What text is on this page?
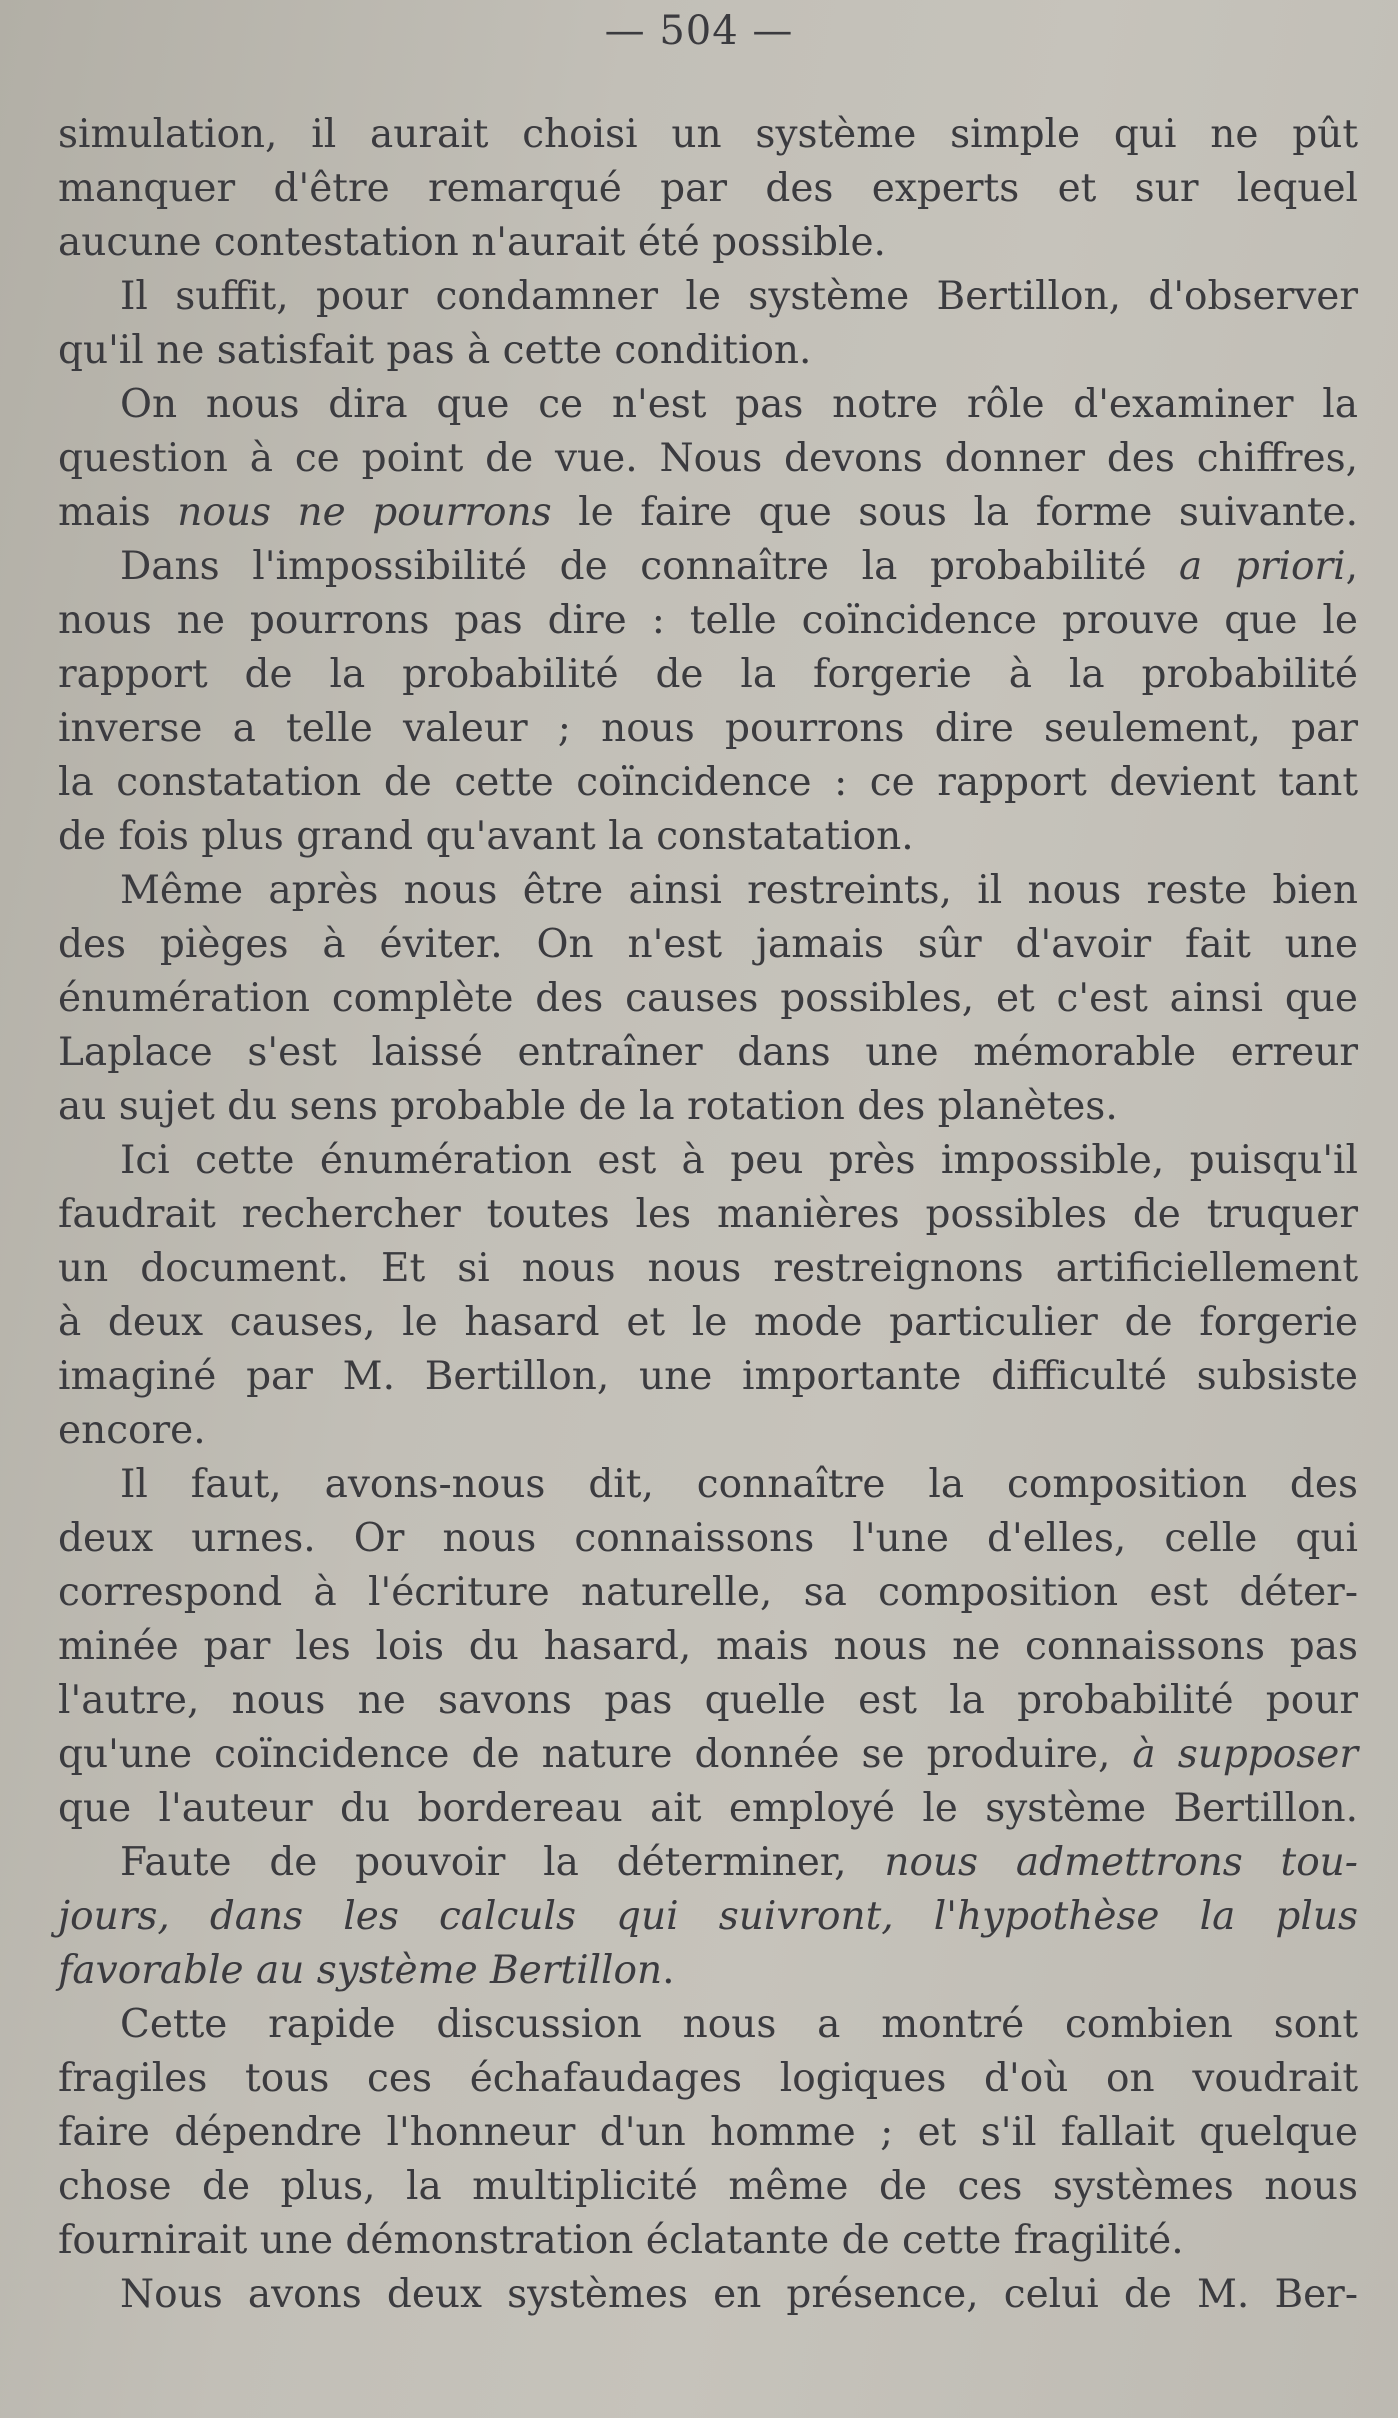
— 504 —
simulation, il aurait choisi un système simple qui ne pût
manquer d'être remarqué par des experts et sur lequel
aucune contestation n'aurait été possible.
Il suffit, pour condamner le système Bertillon, d'observer
qu'il ne satisfait pas à cette condition.
On nous dira que ce n'est pas notre rôle d'examiner la
question à ce point de vue. Nous devons donner des chiffres,
mais nous ne pourrons le faire que sous la forme suivante.
Dans l'impossibilité de connaître la probabilité a priori,
nous ne pourrons pas dire : telle coïncidence prouve que le
rapport de la probabilité de la forgerie à la probabilité
inverse a telle valeur ; nous pourrons dire seulement, par
la constatation de cette coïncidence : ce rapport devient tant
de fois plus grand qu'avant la constatation.
Même après nous être ainsi restreints, il nous reste bien
des pièges à éviter. On n'est jamais sûr d'avoir fait une
énumération complète des causes possibles, et c'est ainsi que
Laplace s'est laissé entraîner dans une mémorable erreur
au sujet du sens probable de la rotation des planètes.
Ici cette énumération est à peu près impossible, puisqu'il
faudrait rechercher toutes les manières possibles de truquer
un document. Et si nous nous restreignons artificiellement
à deux causes, le hasard et le mode particulier de forgerie
imaginé par M. Bertillon, une importante difficulté subsiste
encore.
Il faut, avons-nous dit, connaître la composition des
deux urnes. Or nous connaissons l'une d'elles, celle qui
correspond à l'écriture naturelle, sa composition est déter-
minée par les lois du hasard, mais nous ne connaissons pas
l'autre, nous ne savons pas quelle est la probabilité pour
qu'une coïncidence de nature donnée se produire, à supposer
que l'auteur du bordereau ait employé le système Bertillon.
Faute de pouvoir la déterminer, nous admettrons tou-
jours, dans les calculs qui suivront, l'hypothèse la plus
favorable au système Bertillon.
Cette rapide discussion nous a montré combien sont
fragiles tous ces échafaudages logiques d'où on voudrait
faire dépendre l'honneur d'un homme ; et s'il fallait quelque
chose de plus, la multiplicité même de ces systèmes nous
fournirait une démonstration éclatante de cette fragilité.
Nous avons deux systèmes en présence, celui de M. Ber-
